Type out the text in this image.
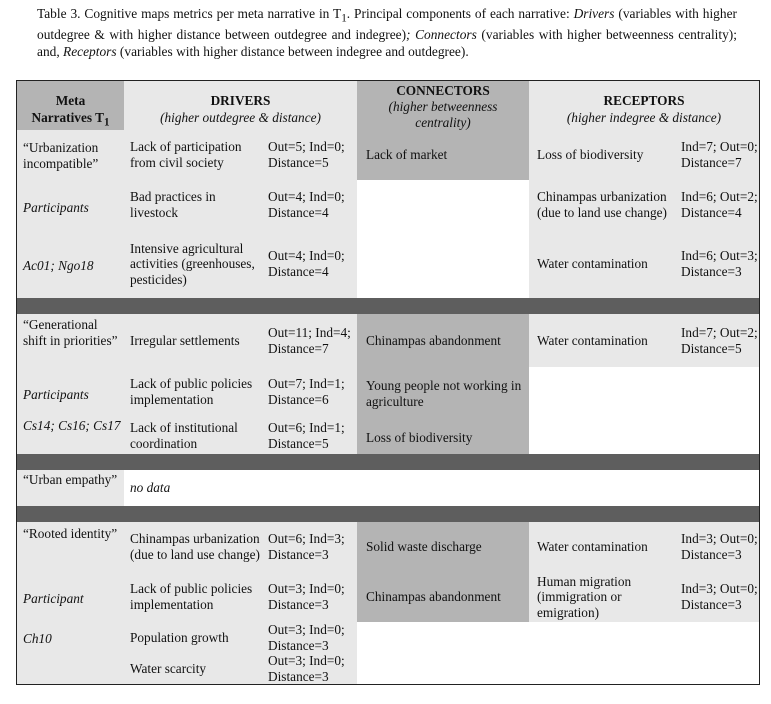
Table 3. Cognitive maps metrics per meta narrative in $T_1$. Principal components of each narrative: Drivers (variables with higher outdegree & with higher distance between outdegree and indegree); Connectors (variables with higher betweenness centrality); and, Receptors (variables with higher distance between indegree and outdegree).
Meta
Narratives $T_1$
DRIVERS
(higher outdegree & distance)
CONNECTORS
(higher betweenness centrality)
RECEPTORS
(higher indegree & distance)
“Urbanization incompatible”
Participants
Ac01; Ngo18
Lack of participation from civil society
Out=5; Ind=0; Distance=5
Bad practices in livestock
Out=4; Ind=0; Distance=4
Intensive agricultural activities (greenhouses, pesticides)
Out=4; Ind=0; Distance=4
Lack of market	Loss of biodiversity
Ind=7; Out=0; Distance=7
Chinampas urbanization (due to land use change)
Ind=6; Out=2; Distance=4
Water contamination
Ind=6; Out=3; Distance=3
“Generational shift in priorities”
Participants
Cs14; Cs16; Cs17
Irregular settlements
Out=11; Ind=4; Distance=7
Lack of public policies implementation
Out=7; Ind=1; Distance=6
Lack of institutional coordination
Out=6; Ind=1; Distance=5
Chinampas abandonment
Young people not working in agriculture
Loss of biodiversity
Water contamination
Ind=7; Out=2; Distance=5
“Urban empathy”
no data
“Rooted identity”
Participant
Ch10
Chinampas urbanization (due to land use change)
Out=6; Ind=3; Distance=3
Lack of public policies implementation
Out=3; Ind=0; Distance=3
Population growth
Out=3; Ind=0; Distance=3
Water scarcity
Out=3; Ind=0; Distance=3
Solid waste discharge
Chinampas abandonment
Water contamination
Ind=3; Out=0; Distance=3
Human migration (immigration or emigration)
Ind=3; Out=0; Distance=3
